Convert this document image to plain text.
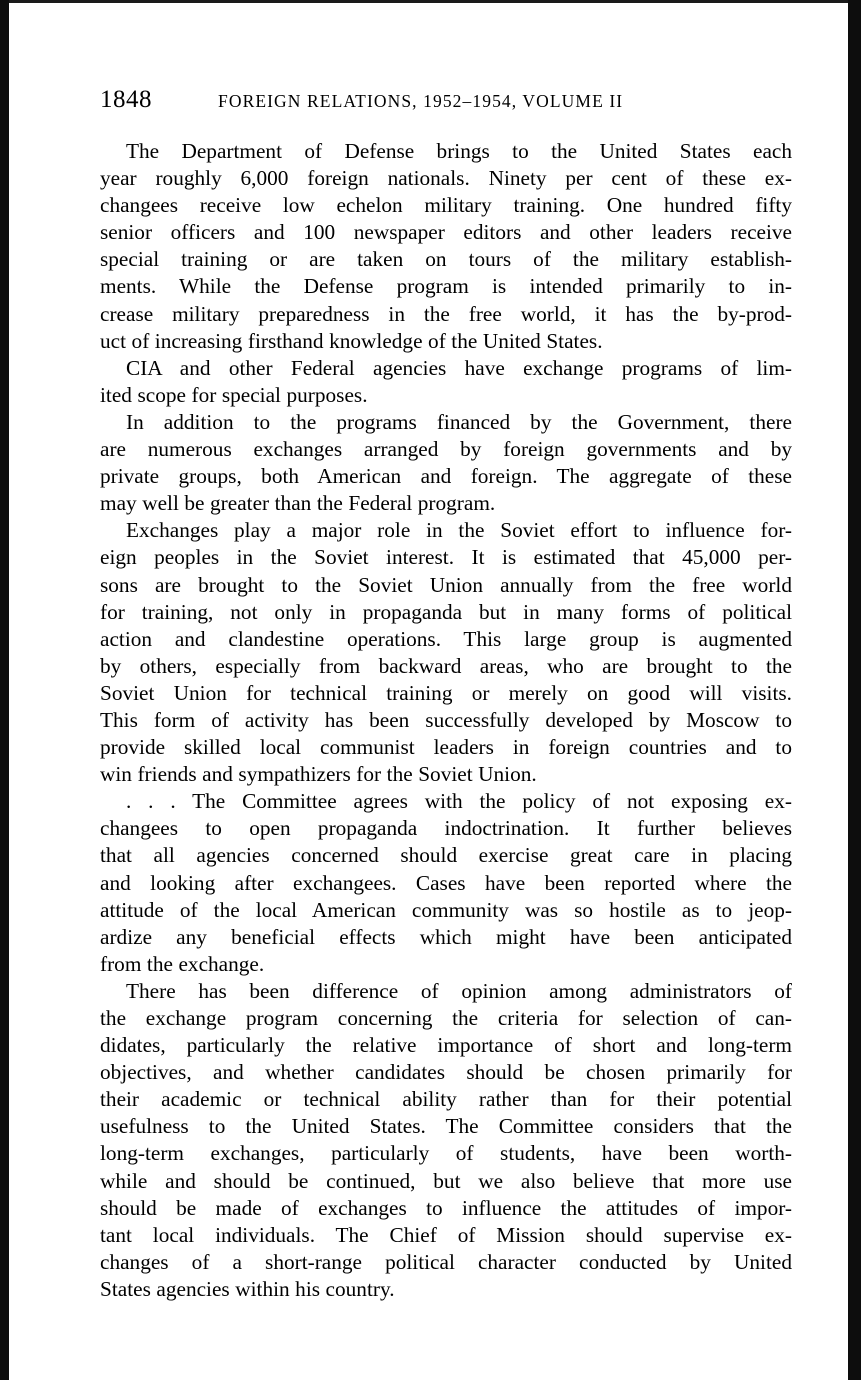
1848	FOREIGN RELATIONS, 1952–1954, VOLUME II

The Department of Defense brings to the United States each
year roughly 6,000 foreign nationals. Ninety per cent of these ex-
changees receive low echelon military training. One hundred fifty
senior officers and 100 newspaper editors and other leaders receive
special training or are taken on tours of the military establish-
ments. While the Defense program is intended primarily to in-
crease military preparedness in the free world, it has the by-prod-
uct of increasing firsthand knowledge of the United States.

CIA and other Federal agencies have exchange programs of lim-
ited scope for special purposes.

In addition to the programs financed by the Government, there
are numerous exchanges arranged by foreign governments and by
private groups, both American and foreign. The aggregate of these
may well be greater than the Federal program.

Exchanges play a major role in the Soviet effort to influence for-
eign peoples in the Soviet interest. It is estimated that 45,000 per-
sons are brought to the Soviet Union annually from the free world
for training, not only in propaganda but in many forms of political
action and clandestine operations. This large group is augmented
by others, especially from backward areas, who are brought to the
Soviet Union for technical training or merely on good will visits.
This form of activity has been successfully developed by Moscow to
provide skilled local communist leaders in foreign countries and to
win friends and sympathizers for the Soviet Union.

. . . The Committee agrees with the policy of not exposing ex-
changees to open propaganda indoctrination. It further believes
that all agencies concerned should exercise great care in placing
and looking after exchangees. Cases have been reported where the
attitude of the local American community was so hostile as to jeop-
ardize any beneficial effects which might have been anticipated
from the exchange.

There has been difference of opinion among administrators of
the exchange program concerning the criteria for selection of can-
didates, particularly the relative importance of short and long-term
objectives, and whether candidates should be chosen primarily for
their academic or technical ability rather than for their potential
usefulness to the United States. The Committee considers that the
long-term exchanges, particularly of students, have been worth-
while and should be continued, but we also believe that more use
should be made of exchanges to influence the attitudes of impor-
tant local individuals. The Chief of Mission should supervise ex-
changes of a short-range political character conducted by United
States agencies within his country.
